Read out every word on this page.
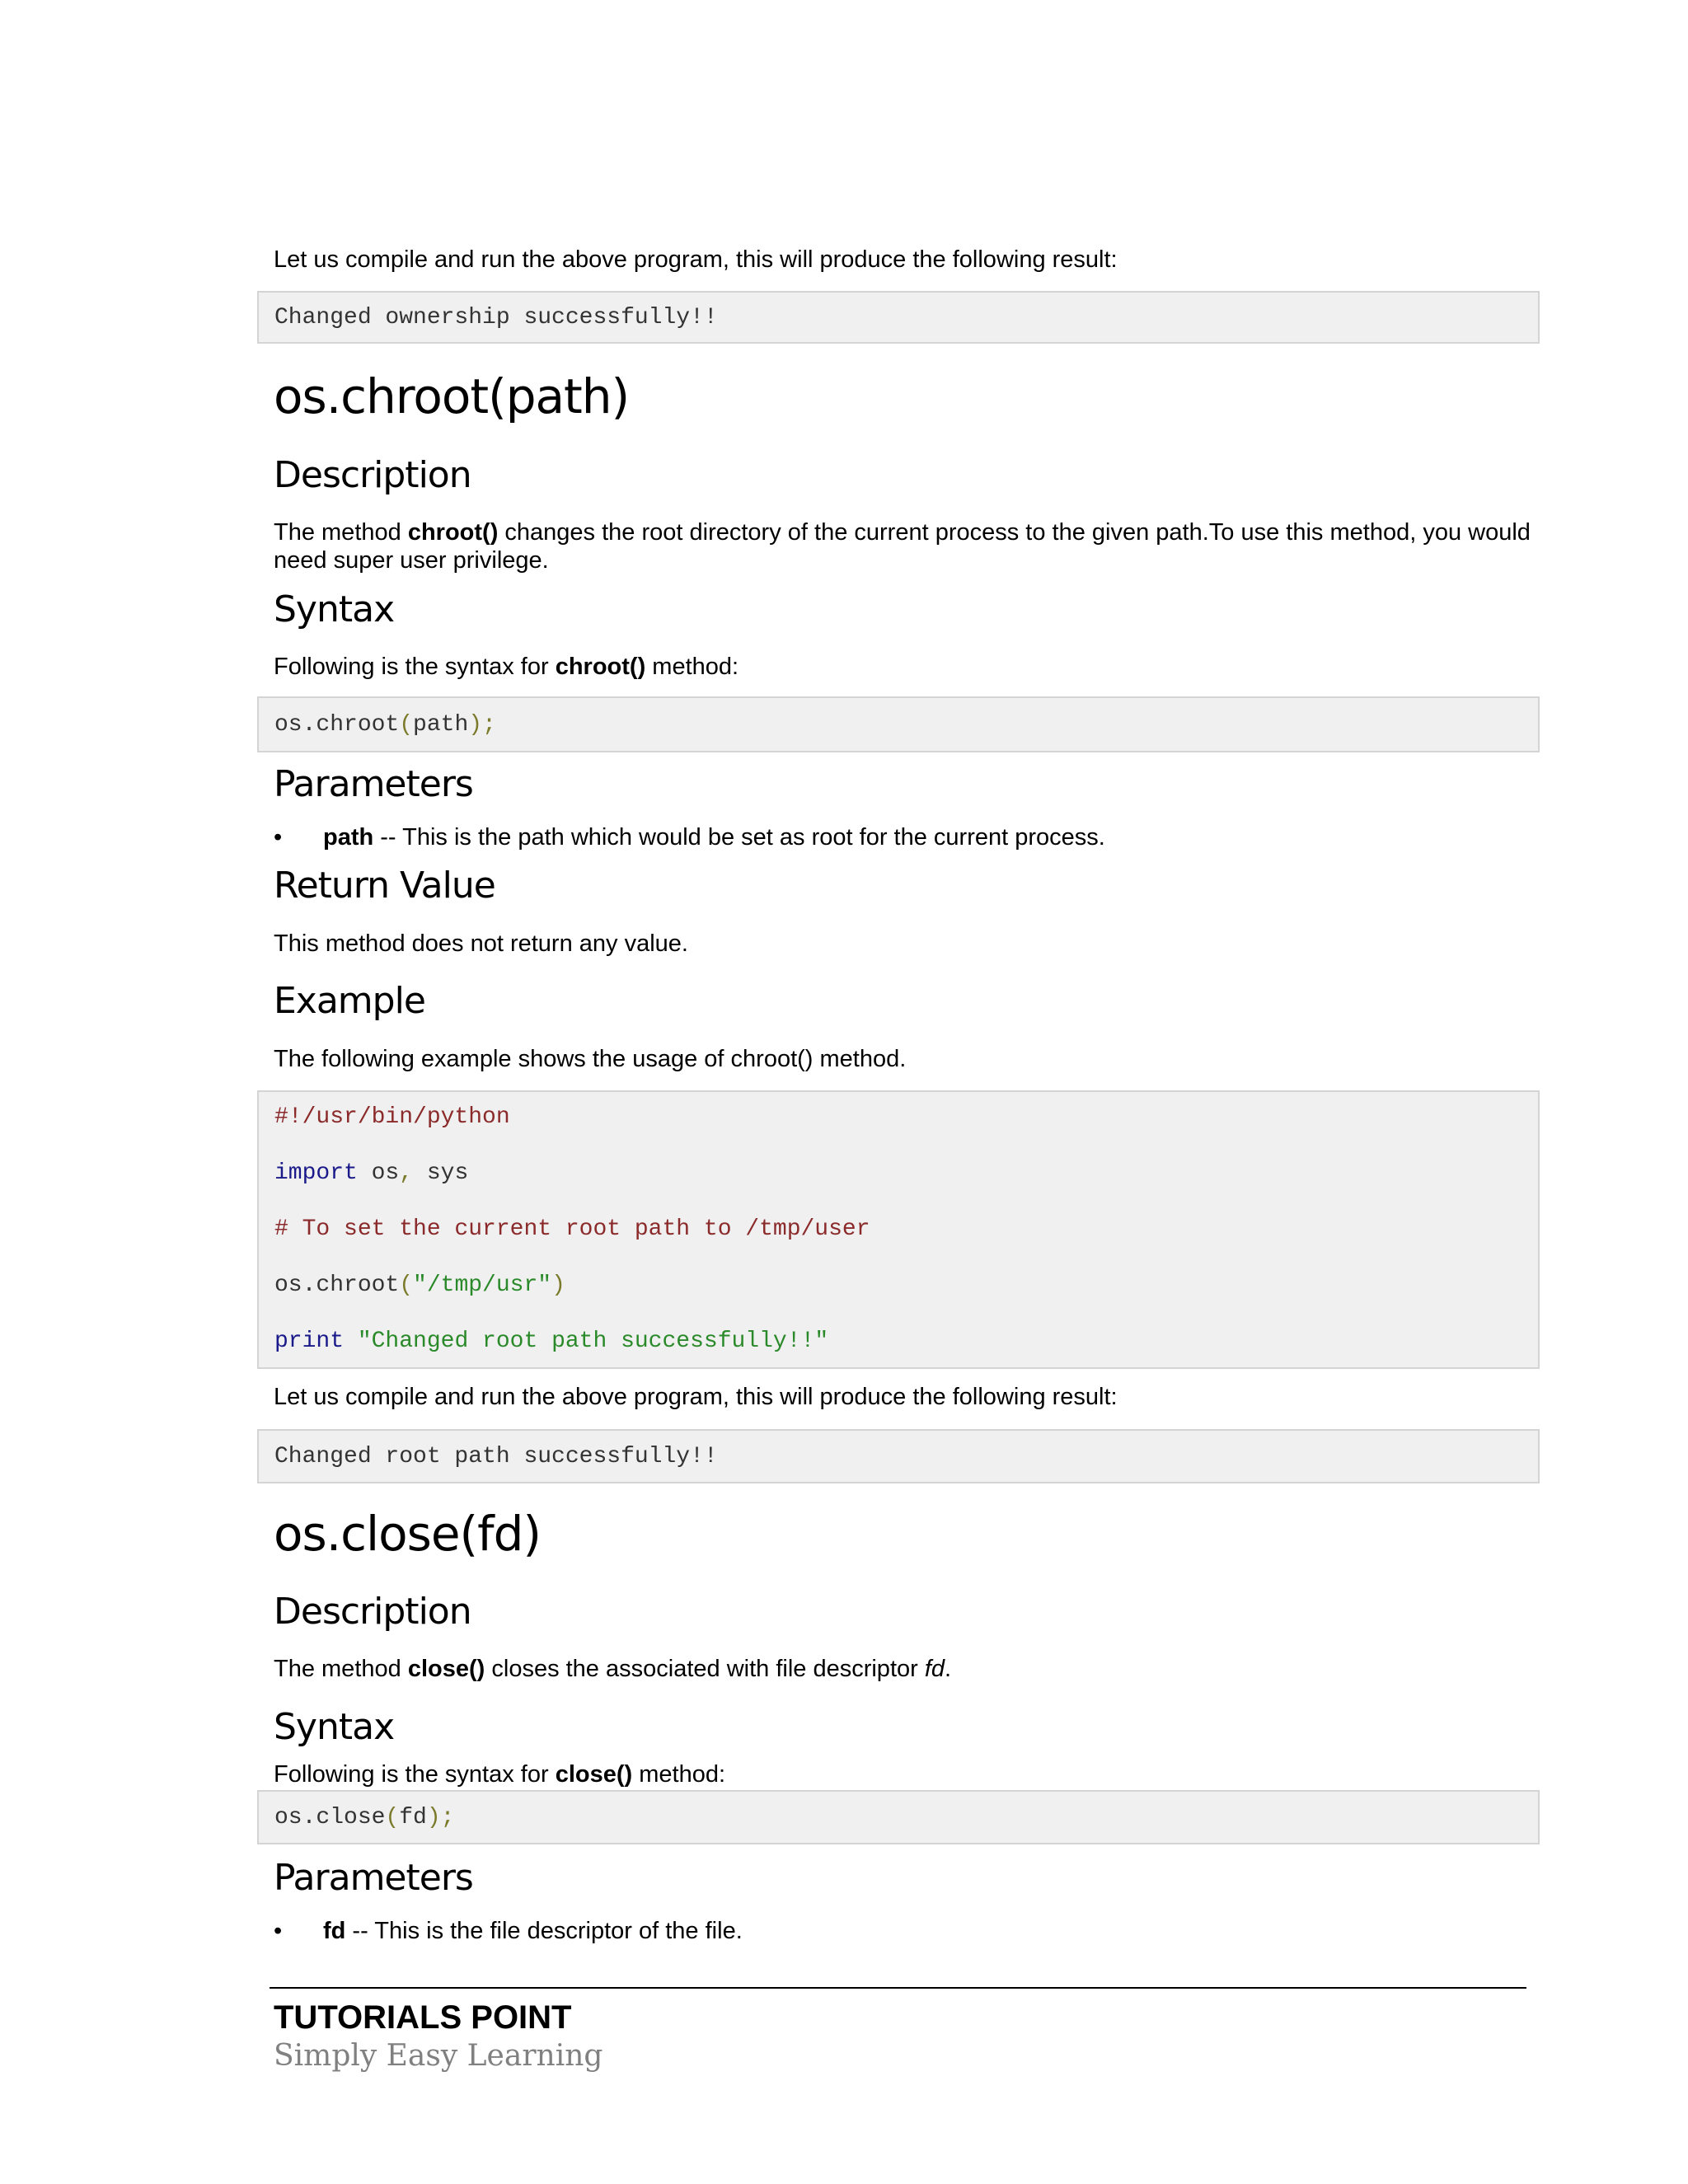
Let us compile and run the above program, this will produce the following result:
Changed ownership successfully!!
os.chroot(path)
Description
The method chroot() changes the root directory of the current process to the given path.To use this method, you would need super user privilege.
Syntax
Following is the syntax for chroot() method:
os.chroot(path);
Parameters
• path -- This is the path which would be set as root for the current process.
Return Value
This method does not return any value.
Example
The following example shows the usage of chroot() method.
#!/usr/bin/python
import os, sys
# To set the current root path to /tmp/user
os.chroot("/tmp/usr")
print "Changed root path successfully!!"
Let us compile and run the above program, this will produce the following result:
Changed root path successfully!!
os.close(fd)
Description
The method close() closes the associated with file descriptor fd.
Syntax
Following is the syntax for close() method:
os.close(fd);
Parameters
• fd -- This is the file descriptor of the file.
TUTORIALS POINT
Simply Easy Learning
